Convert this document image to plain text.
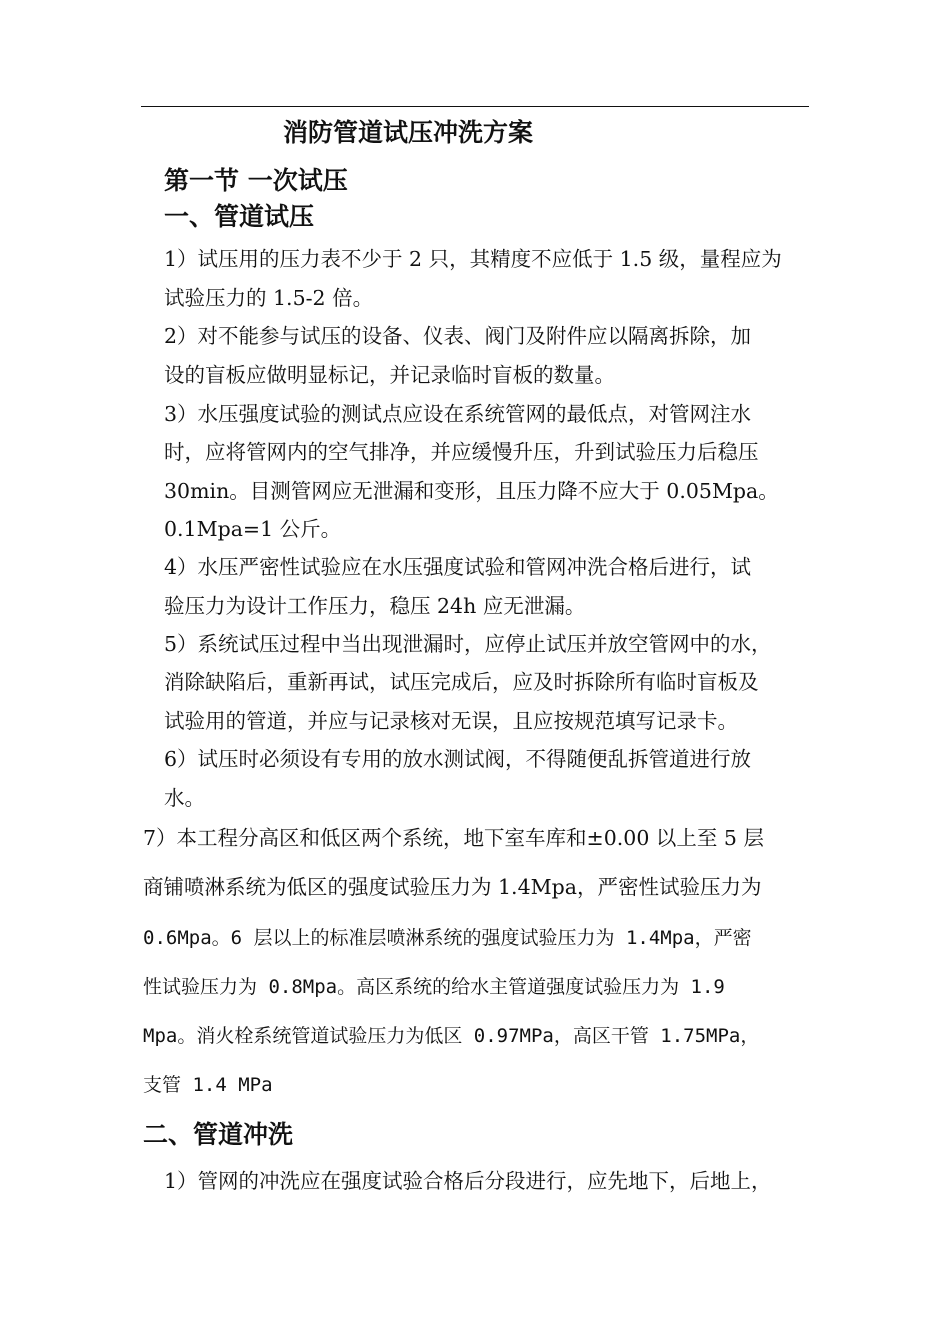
消防管道试压冲洗方案
第一节 一次试压
一、管道试压

1）试压用的压力表不少于 2 只，其精度不应低于 1.5 级，量程应为

试验压力的 1.5-2 倍。

2）对不能参与试压的设备、仪表、阀门及附件应以隔离拆除，加

设的盲板应做明显标记，并记录临时盲板的数量。

3）水压强度试验的测试点应设在系统管网的最低点，对管网注水

时，应将管网内的空气排净，并应缓慢升压，升到试验压力后稳压

30min。目测管网应无泄漏和变形，且压力降不应大于 0.05Mpa。

0.1Mpa=1 公斤。

4）水压严密性试验应在水压强度试验和管网冲洗合格后进行，试

验压力为设计工作压力，稳压 24h 应无泄漏。

5）系统试压过程中当出现泄漏时，应停止试压并放空管网中的水，

消除缺陷后，重新再试，试压完成后，应及时拆除所有临时盲板及

试验用的管道，并应与记录核对无误，且应按规范填写记录卡。

6）试压时必须设有专用的放水测试阀，不得随便乱拆管道进行放

水。

7）本工程分高区和低区两个系统，地下室车库和±0.00 以上至 5 层

商铺喷淋系统为低区的强度试验压力为 1.4Mpa，严密性试验压力为

0.6Mpa。6 层以上的标准层喷淋系统的强度试验压力为 1.4Mpa，严密

性试验压力为 0.8Mpa。高区系统的给水主管道强度试验压力为 1.9

Mpa。消火栓系统管道试验压力为低区 0.97MPa，高区干管 1.75MPa，

支管 1.4 MPa

二、管道冲洗

1）管网的冲洗应在强度试验合格后分段进行，应先地下，后地上，
